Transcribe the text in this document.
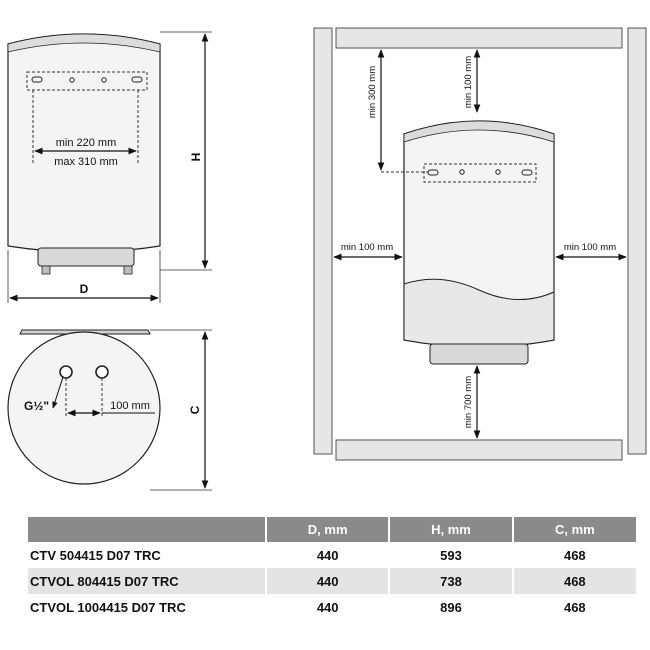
min 220 mm
max 310 mm	H
D
100 mm
G½"	C
min 100 mm
min 300 mm
min 100 mm	min 100 mm
min 700 mm
	D, mm	H, mm	C, mm
CTV 504415 D07 TRC	440	593	468
CTVOL 804415 D07 TRC	440	738	468
CTVOL 1004415 D07 TRC	440	896	468
